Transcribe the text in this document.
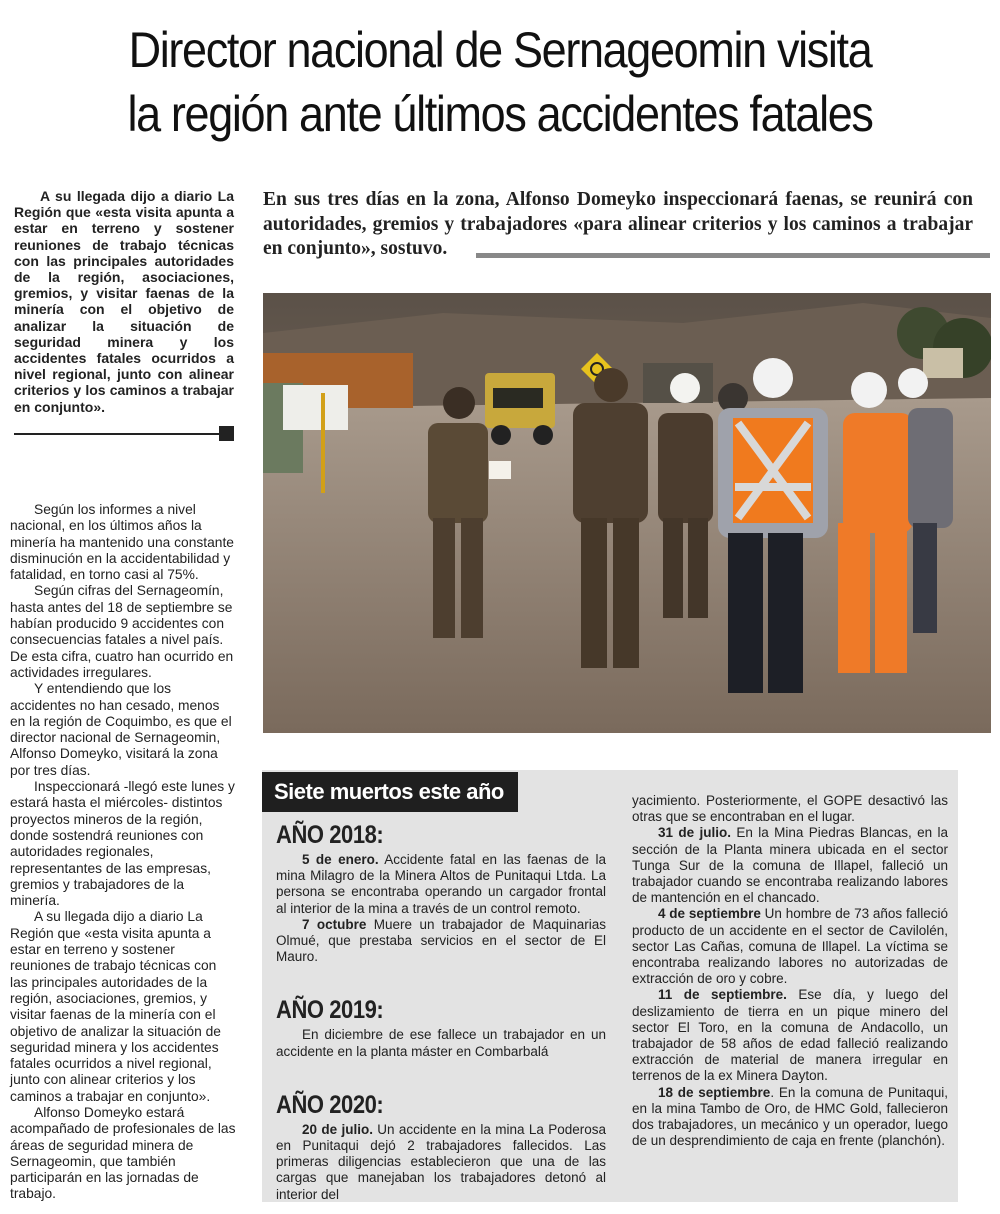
Director nacional de Sernageomin visita
la región ante últimos accidentes fatales

A su llegada dijo a diario La Región que «esta visita apunta a estar en terreno y sostener reuniones de trabajo técnicas con las principales autoridades de la región, asociaciones, gremios, y visitar faenas de la minería con el objetivo de analizar la situación de seguridad minera y los accidentes fatales ocurridos a nivel regional, junto con alinear criterios y los caminos a trabajar en conjunto».

En sus tres días en la zona, Alfonso Domeyko inspeccionará faenas, se reunirá con autoridades, gremios y trabajadores «para alinear criterios y los caminos a trabajar en conjunto», sostuvo.

Según los informes a nivel nacional, en los últimos años la minería ha mantenido una constante disminución en la accidentabilidad y fatalidad, en torno casi al 75%.

Según cifras del Sernageomín, hasta antes del 18 de septiembre se habían producido 9 accidentes con consecuencias fatales a nivel país. De esta cifra, cuatro han ocurrido en actividades irregulares.

Y entendiendo que los accidentes no han cesado, menos en la región de Coquimbo, es que el director nacional de Sernageomin, Alfonso Domeyko, visitará la zona por tres días.

Inspeccionará -llegó este lunes y estará hasta el miércoles- distintos proyectos mineros de la región, donde sostendrá reuniones con autoridades regionales, representantes de las empresas, gremios y trabajadores de la minería.

A su llegada dijo a diario La Región que «esta visita apunta a estar en terreno y sostener reuniones de trabajo técnicas con las principales autoridades de la región, asociaciones, gremios, y visitar faenas de la minería con el objetivo de analizar la situación de seguridad minera y los accidentes fatales ocurridos a nivel regional, junto con alinear criterios y los caminos a trabajar en conjunto».

Alfonso Domeyko estará acompañado de profesionales de las áreas de seguridad minera de Sernageomin, que también participarán en las jornadas de trabajo.

Siete muertos este año
AÑO 2018:

5 de enero. Accidente fatal en las faenas de la mina Milagro de la Minera Altos de Punitaqui Ltda. La persona se encontraba operando un cargador frontal al interior de la mina a través de un control remoto.

7 octubre Muere un trabajador de Maquinarias Olmué, que prestaba servicios en el sector de El Mauro.

AÑO 2019:

En diciembre de ese fallece un trabajador en un accidente en la planta máster en Combarbalá

AÑO 2020:

20 de julio. Un accidente en la mina La Poderosa en Punitaqui dejó 2 trabajadores fallecidos. Las primeras diligencias establecieron que una de las cargas que manejaban los trabajadores detonó al interior del

yacimiento. Posteriormente, el GOPE desactivó las otras que se encontraban en el lugar.

31 de julio. En la Mina Piedras Blancas, en la sección de la Planta minera ubicada en el sector Tunga Sur de la comuna de Illapel, falleció un trabajador cuando se encontraba realizando labores de mantención en el chancado.

4 de septiembre Un hombre de 73 años falleció producto de un accidente en el sector de Cavilolén, sector Las Cañas, comuna de Illapel. La víctima se encontraba realizando labores no autorizadas de extracción de oro y cobre.

11 de septiembre. Ese día, y luego del deslizamiento de tierra en un pique minero del sector El Toro, en la comuna de Andacollo, un trabajador de 58 años de edad falleció realizando extracción de material de manera irregular en terrenos de la ex Minera Dayton.

18 de septiembre. En la comuna de Punitaqui, en la mina Tambo de Oro, de HMC Gold, fallecieron dos trabajadores, un mecánico y un operador, luego de un desprendimiento de caja en frente (planchón).
